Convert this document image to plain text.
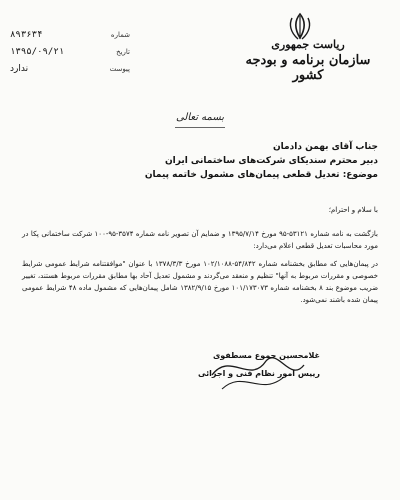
شماره
۸۹۳۶۳۴
تاریخ
۱۳۹۵/۰۹/۲۱
پیوست
ندارد
ریاست جمهوری
سازمان برنامه و بودجه کشور
بسمه تعالی
جناب آقای بهمن دادمان
دبیر محترم سندیکای شرکت‌های ساختمانی ایران
موضوع: تعدیل قطعی پیمان‌های مشمول خاتمه پیمان
با سلام و احترام؛

بازگشت به نامه شماره ۵۳۱۲۱-۹۵ مورخ ۱۳۹۵/۷/۱۴ و ضمایم آن تصویر نامه شماره ۳۵۷۴-۹۵-۱۰۰ شرکت ساختمانی پکا در مورد محاسبات تعدیل قطعی اعلام می‌دارد:

در پیمان‌هایی که مطابق بخشنامه شماره ۵۴/۸۴۲-۱۰۲/۱۰۸۸ مورخ ۱۳۷۸/۳/۳ با عنوان "موافقتنامه شرایط عمومی شرایط خصوصی و مقررات مربوط به آنها" تنظیم و منعقد می‌گردند و مشمول تعدیل آحاد بها مطابق مقررات مربوط هستند، تغییر ضریب موضوع بند ۸ بخشنامه شماره ۱۰۱/۱۷۳۰۷۳ مورخ ۱۳۸۲/۹/۱۵ شامل پیمان‌هایی که مشمول ماده ۴۸ شرایط عمومی پیمان شده باشند نمی‌شود.

غلامحسین حموع مسطفوی
رییس امور نظام فنی و اجرائی
